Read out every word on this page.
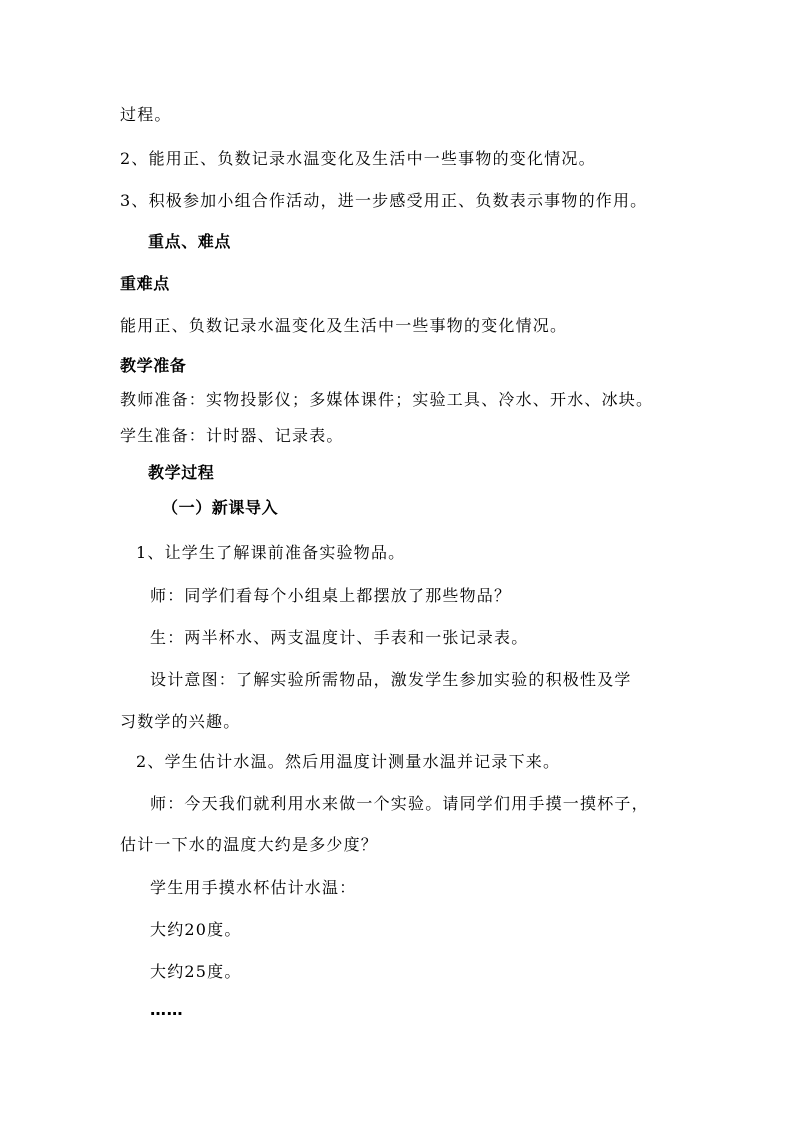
过程。
2、能用正、负数记录水温变化及生活中一些事物的变化情况。
3、积极参加小组合作活动，进一步感受用正、负数表示事物的作用。
重点、难点
重难点
能用正、负数记录水温变化及生活中一些事物的变化情况。
教学准备
教师准备：实物投影仪；多媒体课件；实验工具、冷水、开水、冰块。
学生准备：计时器、记录表。
教学过程
（一）新课导入
1、让学生了解课前准备实验物品。
师：同学们看每个小组桌上都摆放了那些物品？
生：两半杯水、两支温度计、手表和一张记录表。
设计意图：了解实验所需物品，激发学生参加实验的积极性及学
习数学的兴趣。
2、学生估计水温。然后用温度计测量水温并记录下来。
师：今天我们就利用水来做一个实验。请同学们用手摸一摸杯子，
估计一下水的温度大约是多少度？
学生用手摸水杯估计水温：
大约20度。
大约25度。
……
